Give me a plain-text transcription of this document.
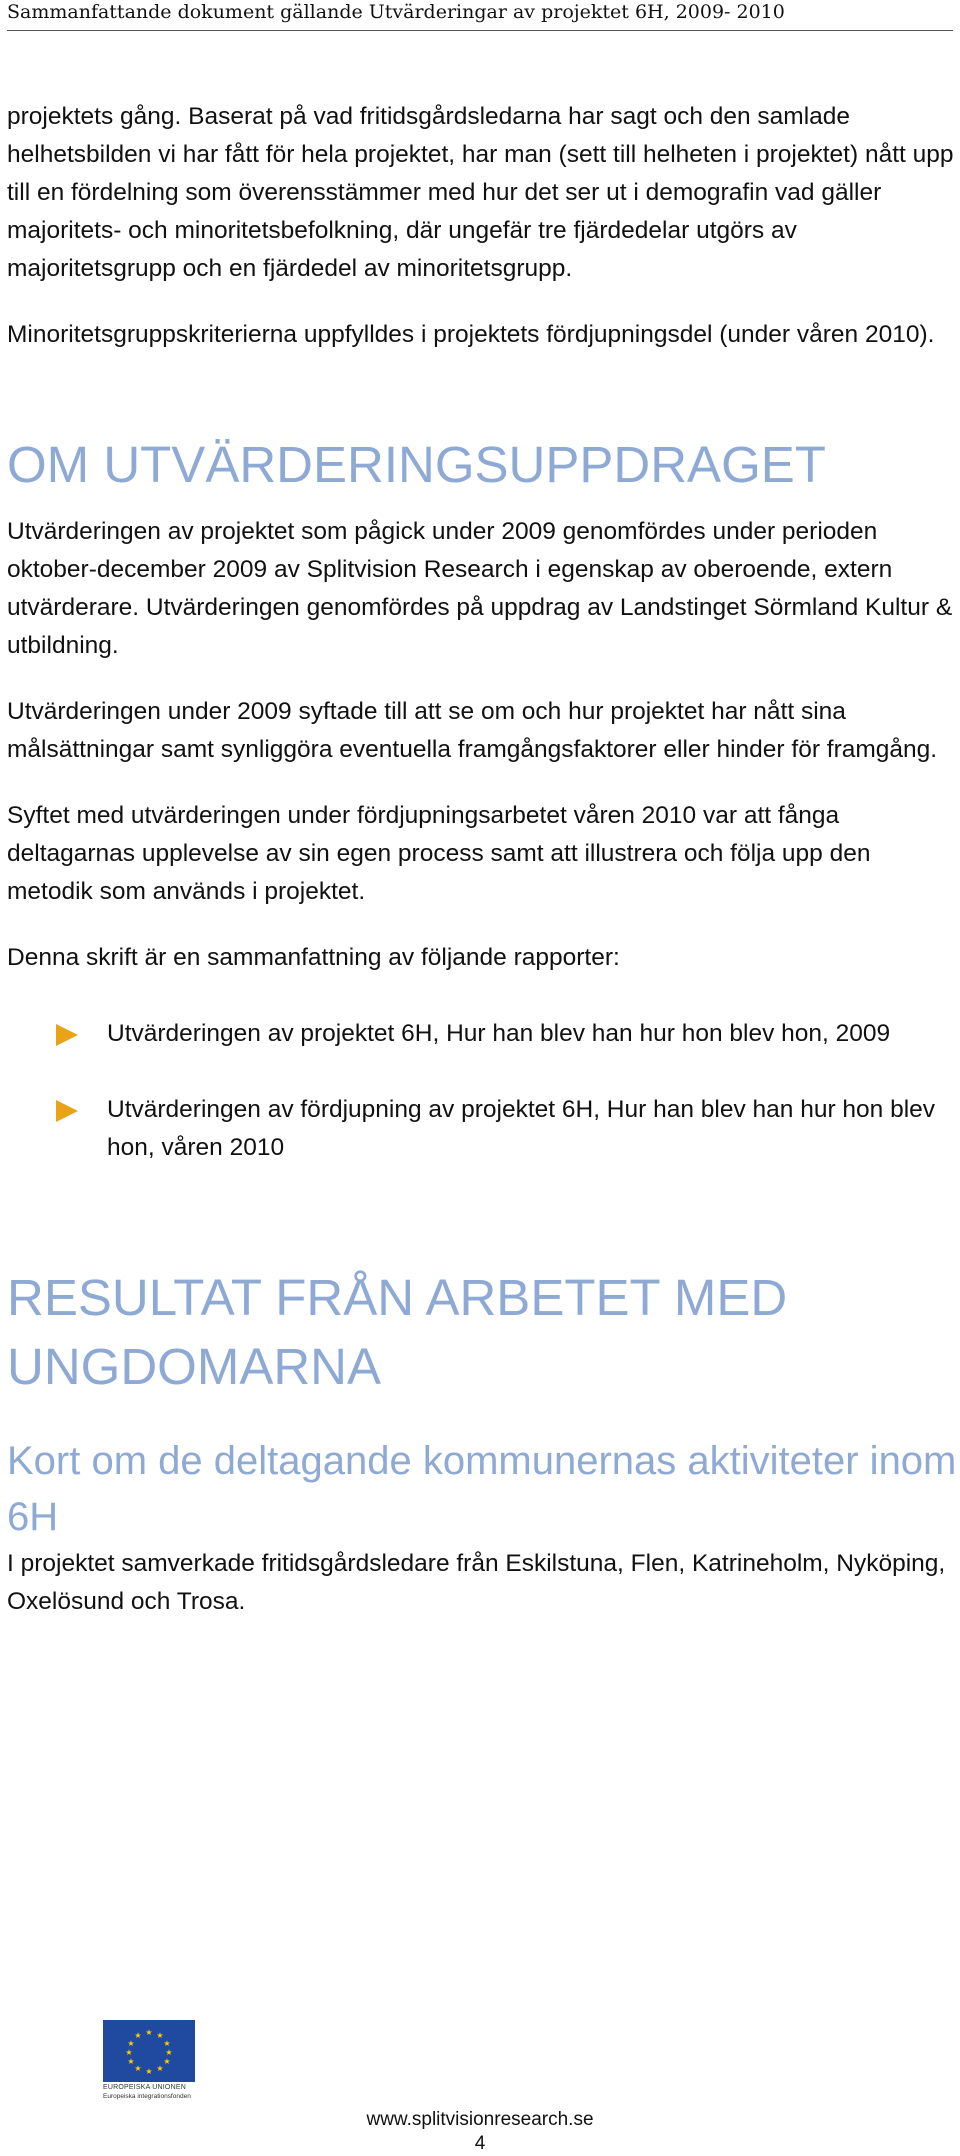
Sammanfattande dokument gällande Utvärderingar av projektet 6H, 2009- 2010

projektets gång. Baserat på vad fritidsgårdsledarna har sagt och den samlade helhetsbilden vi har fått för hela projektet, har man (sett till helheten i projektet) nått upp till en fördelning som överensstämmer med hur det ser ut i demografin vad gäller majoritets- och minoritetsbefolkning, där ungefär tre fjärdedelar utgörs av majoritetsgrupp och en fjärdedel av minoritetsgrupp.

Minoritetsgruppskriterierna uppfylldes i projektets fördjupningsdel (under våren 2010).

OM UTVÄRDERINGSUPPDRAGET

Utvärderingen av projektet som pågick under 2009 genomfördes under perioden oktober-december 2009 av Splitvision Research i egenskap av oberoende, extern utvärderare. Utvärderingen genomfördes på uppdrag av Landstinget Sörmland Kultur & utbildning.

Utvärderingen under 2009 syftade till att se om och hur projektet har nått sina målsättningar samt synliggöra eventuella framgångsfaktorer eller hinder för framgång.

Syftet med utvärderingen under fördjupningsarbetet våren 2010 var att fånga deltagarnas upplevelse av sin egen process samt att illustrera och följa upp den metodik som används i projektet.

Denna skrift är en sammanfattning av följande rapporter:

Utvärderingen av projektet 6H, Hur han blev han hur hon blev hon, 2009
Utvärderingen av fördjupning av projektet 6H, Hur han blev han hur hon blev hon, våren 2010
RESULTAT FRÅN ARBETET MED UNGDOMARNA
Kort om de deltagande kommunernas aktiviteter inom 6H

I projektet samverkade fritidsgårdsledare från Eskilstuna, Flen, Katrineholm, Nyköping, Oxelösund och Trosa.

★ ★
★
★
★
★
★
★
★
★
★
★
EUROPEISKA UNIONEN
Europeiska integrationsfonden
www.splitvisionresearch.se
4
